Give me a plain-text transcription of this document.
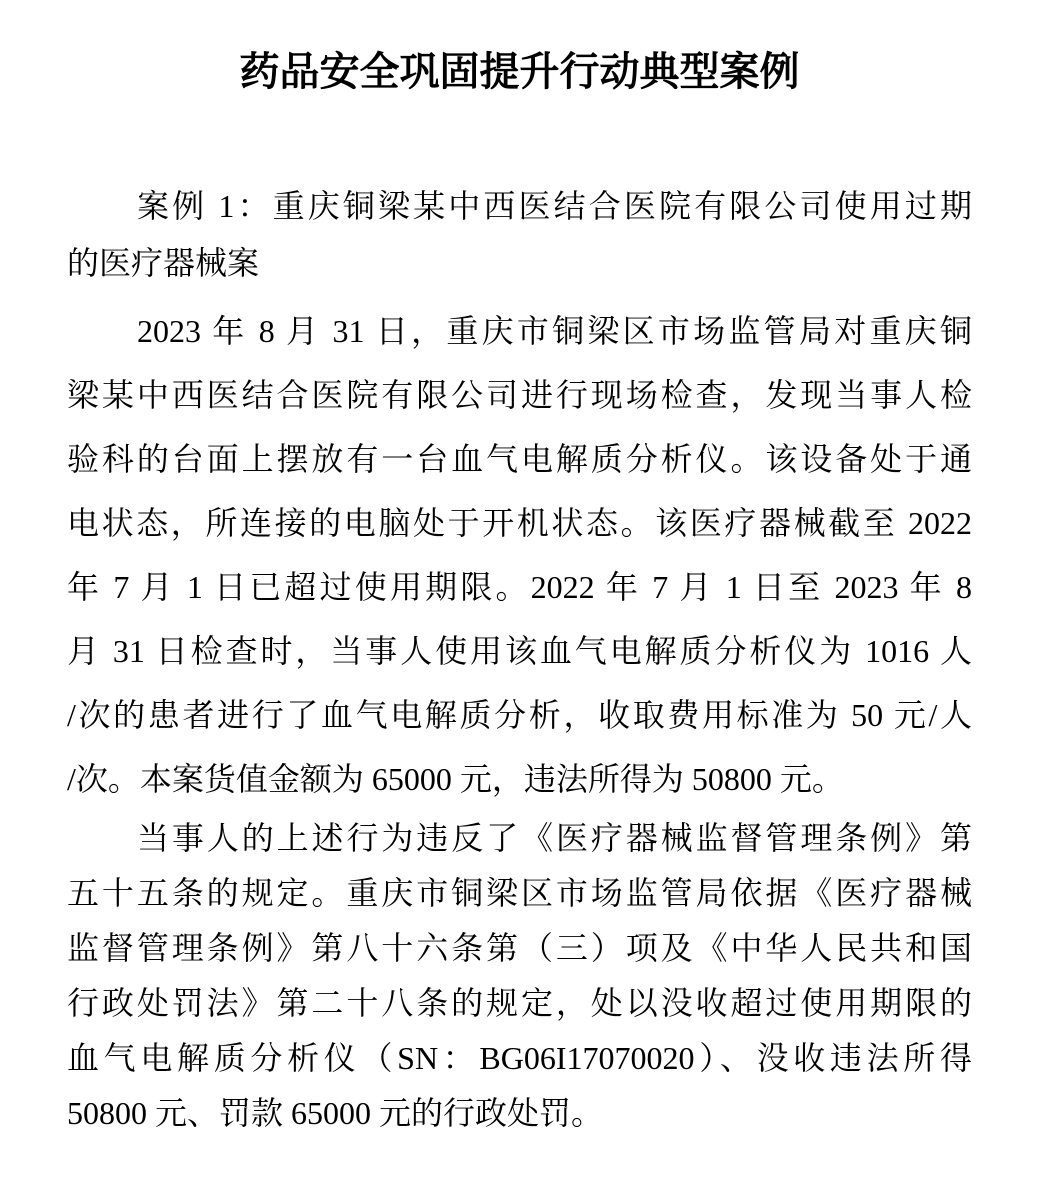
药品安全巩固提升行动典型案例
案例 1：重庆铜梁某中西医结合医院有限公司使用过期
的医疗器械案
2023 年 8 月 31 日，重庆市铜梁区市场监管局对重庆铜
梁某中西医结合医院有限公司进行现场检查，发现当事人检
验科的台面上摆放有一台血气电解质分析仪。该设备处于通
电状态，所连接的电脑处于开机状态。该医疗器械截至 2022
年 7 月 1 日已超过使用期限。2022 年 7 月 1 日至 2023 年 8
月 31 日检查时，当事人使用该血气电解质分析仪为 1016 人
/次的患者进行了血气电解质分析，收取费用标准为 50 元/人
/次。本案货值金额为 65000 元，违法所得为 50800 元。
当事人的上述行为违反了《医疗器械监督管理条例》第
五十五条的规定。重庆市铜梁区市场监管局依据《医疗器械
监督管理条例》第八十六条第（三）项及《中华人民共和国
行政处罚法》第二十八条的规定，处以没收超过使用期限的
血气电解质分析仪（SN：BG06I17070020）、没收违法所得
50800 元、罚款 65000 元的行政处罚。
